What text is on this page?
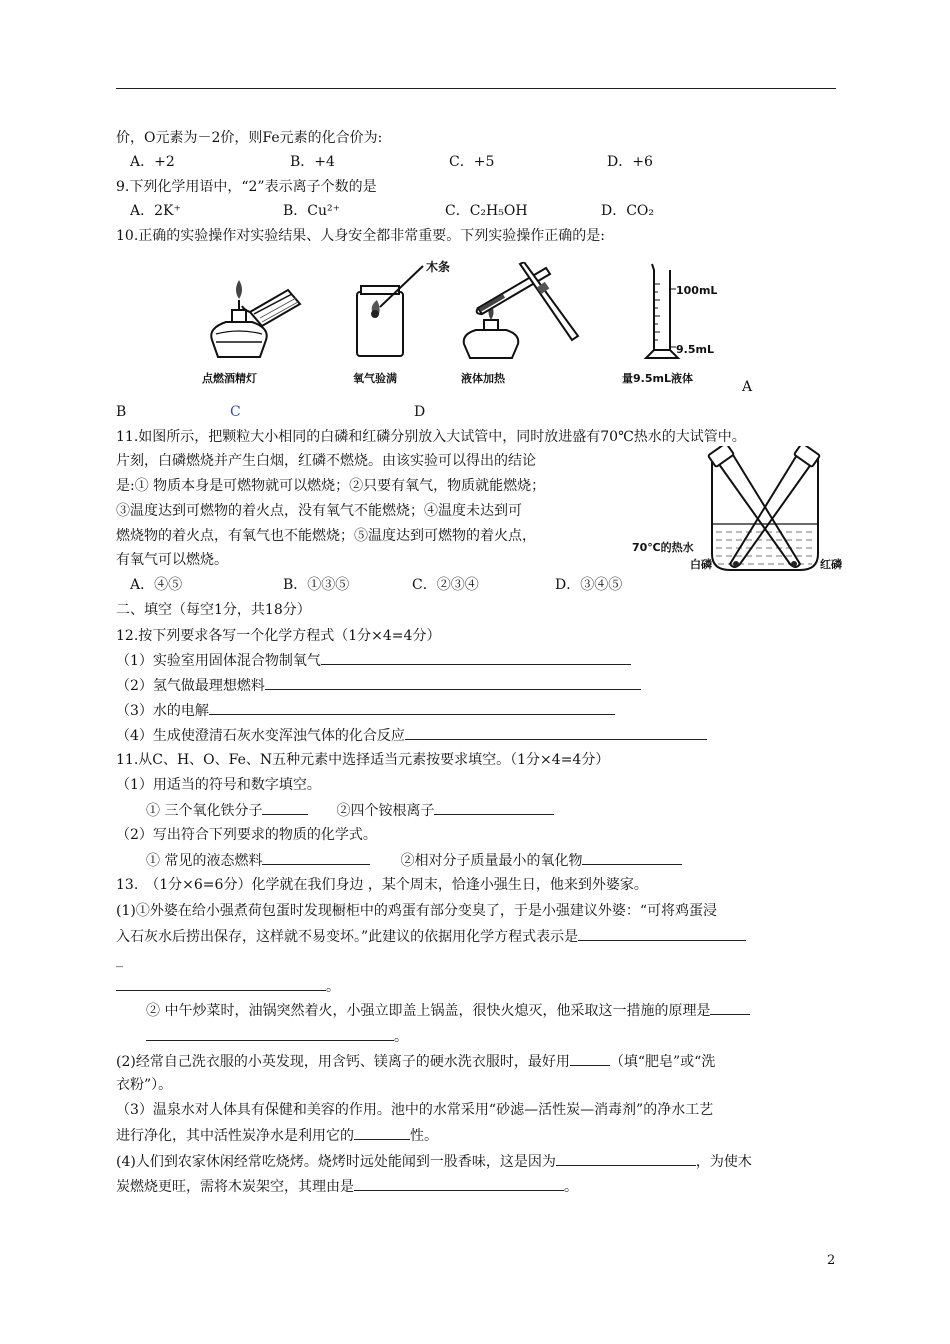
价，O元素为－2价，则Fe元素的化合价为:
A．+2	B．+4	C．+5	D．+6
9.下列化学用语中，“2”表示离子个数的是
A．2K⁺	B．Cu²⁺	C．C₂H₅OH	D．CO₂
10.正确的实验操作对实验结果、人身安全都非常重要。下列实验操作正确的是:
点燃酒精灯
木条
氧气验满	液体加热
100mL
9.5mL
量9.5mL液体
A
B	C	D
11.如图所示，把颗粒大小相同的白磷和红磷分别放入大试管中，同时放进盛有70℃热水的大试管中。
片刻，白磷燃烧并产生白烟，红磷不燃烧。由该实验可以得出的结论
是:① 物质本身是可燃物就可以燃烧；②只要有氧气，物质就能燃烧；
③温度达到可燃物的着火点，没有氧气不能燃烧；④温度未达到可
燃烧物的着火点，有氧气也不能燃烧；⑤温度达到可燃物的着火点，
有氧气可以燃烧。
70℃的热水
白磷	红磷
A．④⑤	B．①③⑤	C．②③④	D．③④⑤
二、填空（每空1分，共18分）
12.按下列要求各写一个化学方程式（1分×4=4分）
（1）实验室用固体混合物制氧气
（2）氢气做最理想燃料
（3）水的电解
（4）生成使澄清石灰水变浑浊气体的化合反应
11.从C、H、O、Fe、N五种元素中选择适当元素按要求填空。（1分×4=4分）
（1）用适当的符号和数字填空。
① 三个氧化铁分子	②四个铵根离子
（2）写出符合下列要求的物质的化学式。
① 常见的液态燃料	②相对分子质量最小的氧化物
13.　（1分×6=6分）化学就在我们身边 ，某个周末，恰逢小强生日，他来到外婆家。
(1)①外婆在给小强煮荷包蛋时发现橱柜中的鸡蛋有部分变臭了，于是小强建议外婆：“可将鸡蛋浸
入石灰水后捞出保存，这样就不易变坏。”此建议的依据用化学方程式表示是
_
。
② 中午炒菜时，油锅突然着火，小强立即盖上锅盖，很快火熄灭，他采取这一措施的原理是
。
(2)经常自己洗衣服的小英发现，用含钙、镁离子的硬水洗衣服时，最好用	（填“肥皂”或“洗
衣粉”）。
（3）温泉水对人体具有保健和美容的作用。池中的水常采用“砂滤—活性炭—消毒剂”的净水工艺
进行净化，其中活性炭净水是利用它的	性。
(4)人们到农家休闲经常吃烧烤。烧烤时远处能闻到一股香味，这是因为	，为使木
炭燃烧更旺，需将木炭架空，其理由是	。
2
